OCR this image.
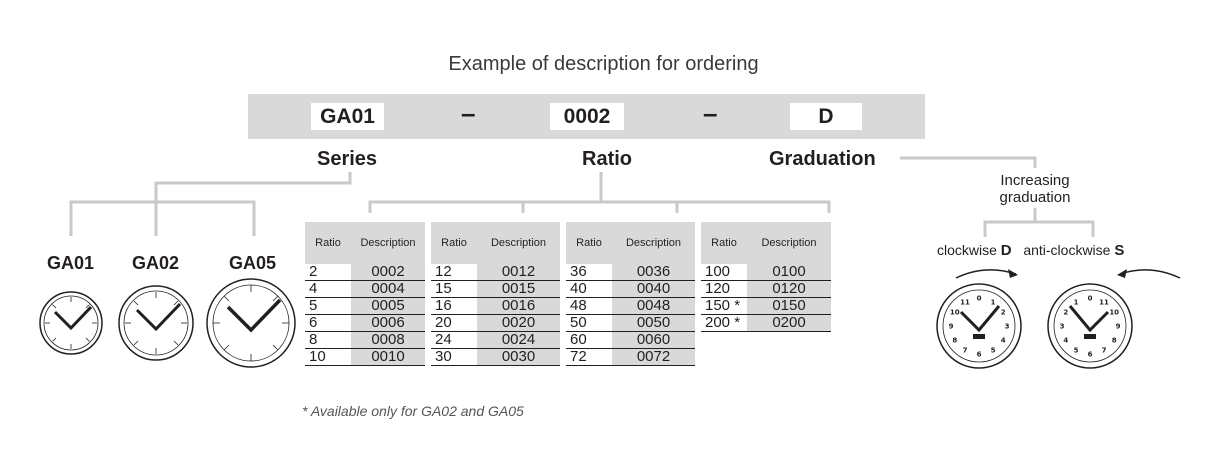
Example of description for ordering
GA01	–	0002	–	D
Series	Ratio	Graduation
GA01 GA02	GA05
Ratio	Description		Ratio	Description		Ratio	Description		Ratio	Description
2	0002		12	0012		36	0036		100	0100
4	0004		15	0015		40	0040		120	0120
5	0005		16	0016		48	0048		150 *	0150
6	0006		20	0020		50	0050		200 *	0200
8	0008		24	0024		60	0060			
10	0010		30	0030		72	0072			
* Available only for GA02 and GA05
Increasing
graduation
clockwise D anti-clockwise S
0 1
2
3
4
5
6
7
8
9
10
11	0
1
2
3
4
5 6 7
8
9
10
11
